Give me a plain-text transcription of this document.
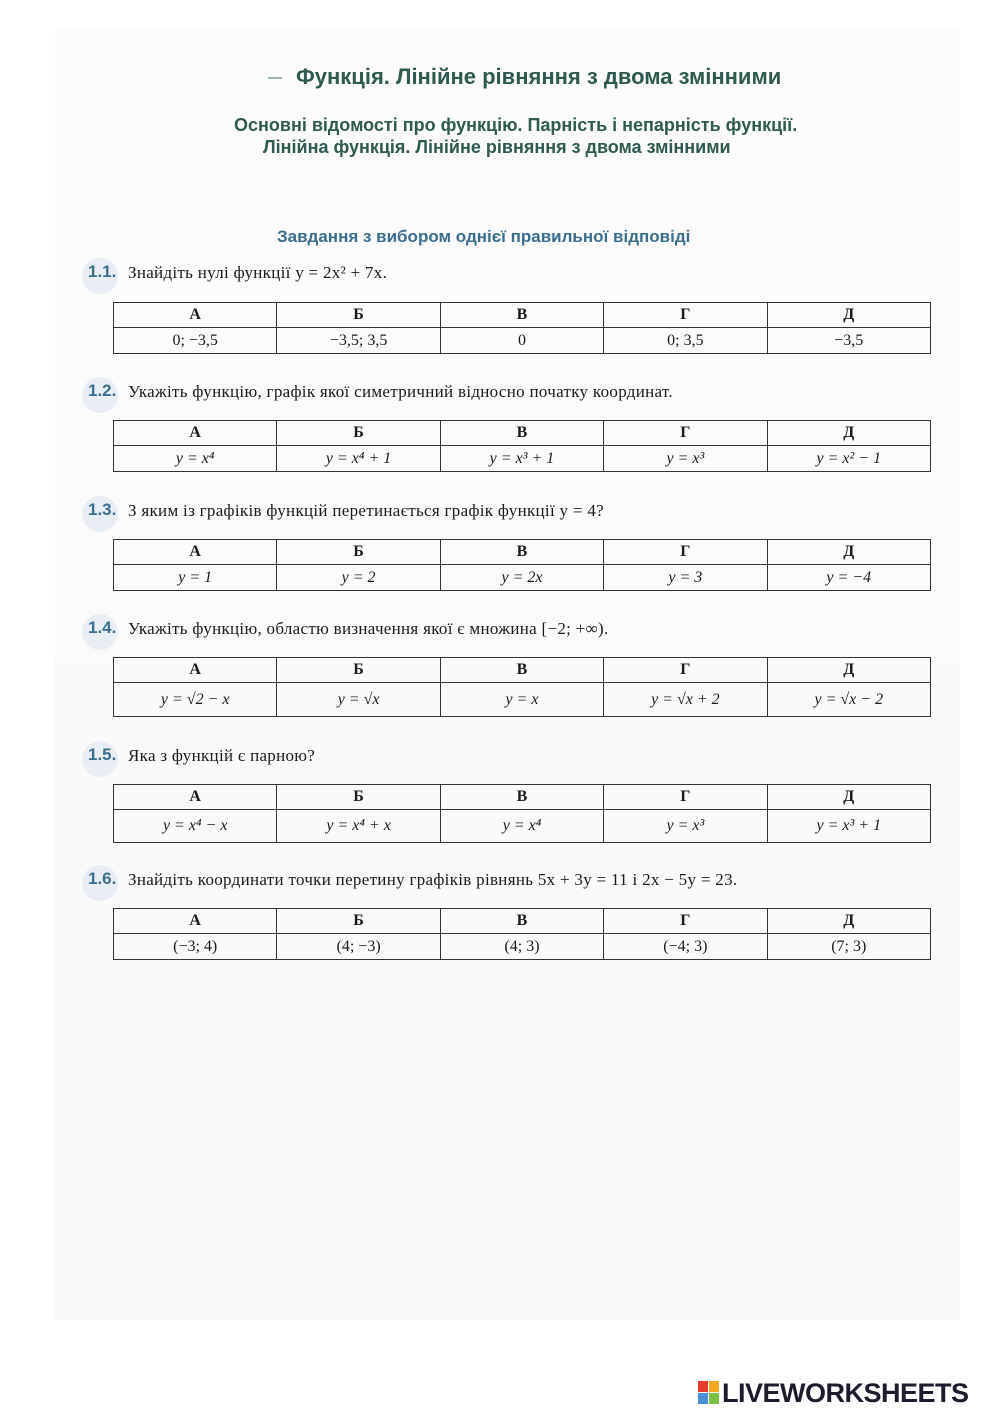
Функція. Лінійне рівняння з двома змінними
Основні відомості про функцію. Парність і непарність функції.
Лінійна функція. Лінійне рівняння з двома змінними
Завдання з вибором однієї правильної відповіді
1.1. Знайдіть нулі функції y = 2x² + 7x.
А	Б	В	Г	Д
0; −3,5	−3,5; 3,5	0	0; 3,5	−3,5
1.2. Укажіть функцію, графік якої симетричний відносно початку координат.
А	Б	В	Г	Д
y = x⁴	y = x⁴ + 1	y = x³ + 1	y = x³	y = x² − 1
1.3. З яким із графіків функцій перетинається графік функції y = 4?
А	Б	В	Г	Д
y = 1	y = 2	y = 2x	y = 3	y = −4
1.4. Укажіть функцію, областю визначення якої є множина [−2; +∞).
А	Б	В	Г	Д
y = √2 − x	y = √x	y = x	y = √x + 2	y = √x − 2
1.5. Яка з функцій є парною?
А	Б	В	Г	Д
y = x⁴ − x	y = x⁴ + x	y = x⁴	y = x³	y = x³ + 1
1.6. Знайдіть координати точки перетину графіків рівнянь 5x + 3y = 11 і 2x − 5y = 23.
А	Б	В	Г	Д
(−3; 4)	(4; −3)	(4; 3)	(−4; 3)	(7; 3)
LIVEWORKSHEETS
